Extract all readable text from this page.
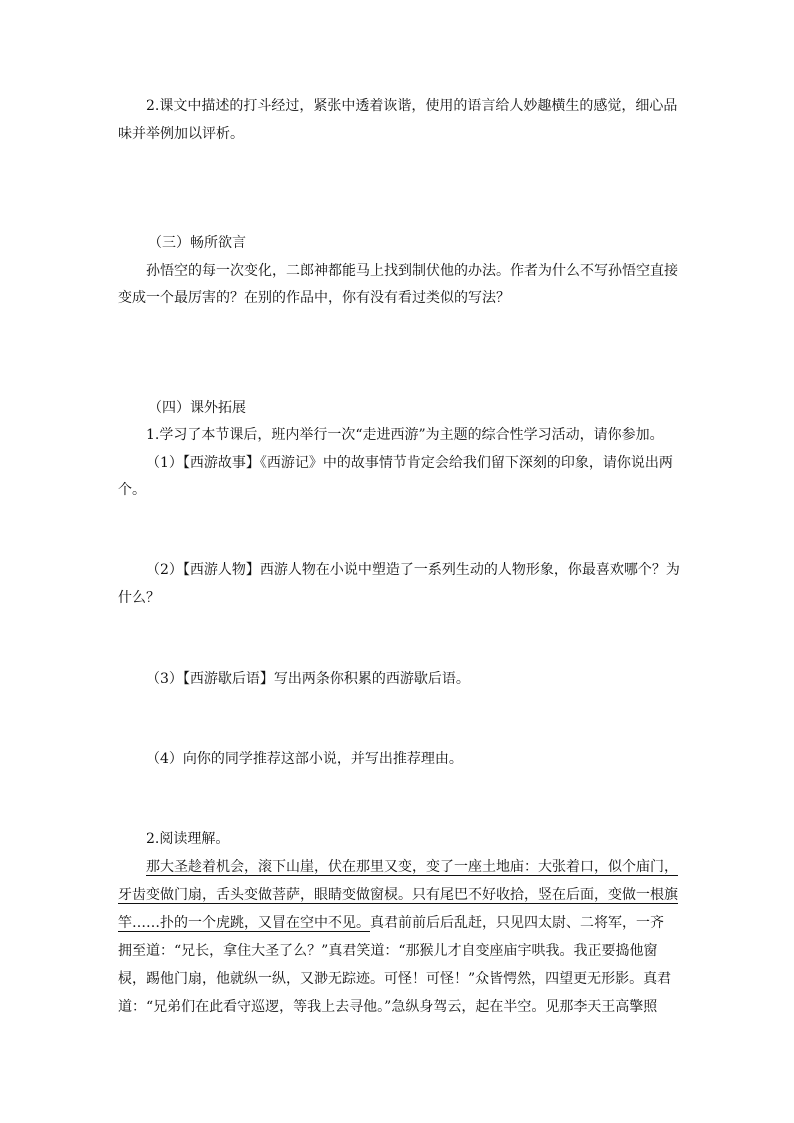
2.课文中描述的打斗经过，紧张中透着诙谐，使用的语言给人妙趣横生的感觉，细心品
味并举例加以评析。
（三）畅所欲言
孙悟空的每一次变化，二郎神都能马上找到制伏他的办法。作者为什么不写孙悟空直接
变成一个最厉害的？在别的作品中，你有没有看过类似的写法？
（四）课外拓展
1.学习了本节课后，班内举行一次“走进西游”为主题的综合性学习活动，请你参加。
（1）【西游故事】《西游记》中的故事情节肯定会给我们留下深刻的印象，请你说出两
个。
（2）【西游人物】西游人物在小说中塑造了一系列生动的人物形象，你最喜欢哪个？为
什么？
（3）【西游歇后语】写出两条你积累的西游歇后语。
（4）向你的同学推荐这部小说，并写出推荐理由。
2.阅读理解。
那大圣趁着机会，滚下山崖，伏在那里又变，变了一座土地庙：大张着口，似个庙门，
牙齿变做门扇，舌头变做菩萨，眼睛变做窗棂。只有尾巴不好收拾，竖在后面，变做一根旗
竿……扑的一个虎跳，又冒在空中不见。真君前前后后乱赶，只见四太尉、二将军，一齐
拥至道：“兄长，拿住大圣了么？”真君笑道：“那猴儿才自变座庙宇哄我。我正要捣他窗
棂，踢他门扇，他就纵一纵，又渺无踪迹。可怪！可怪！”众皆愕然，四望更无形影。真君
道：“兄弟们在此看守巡逻，等我上去寻他。”急纵身驾云，起在半空。见那李天王高擎照
